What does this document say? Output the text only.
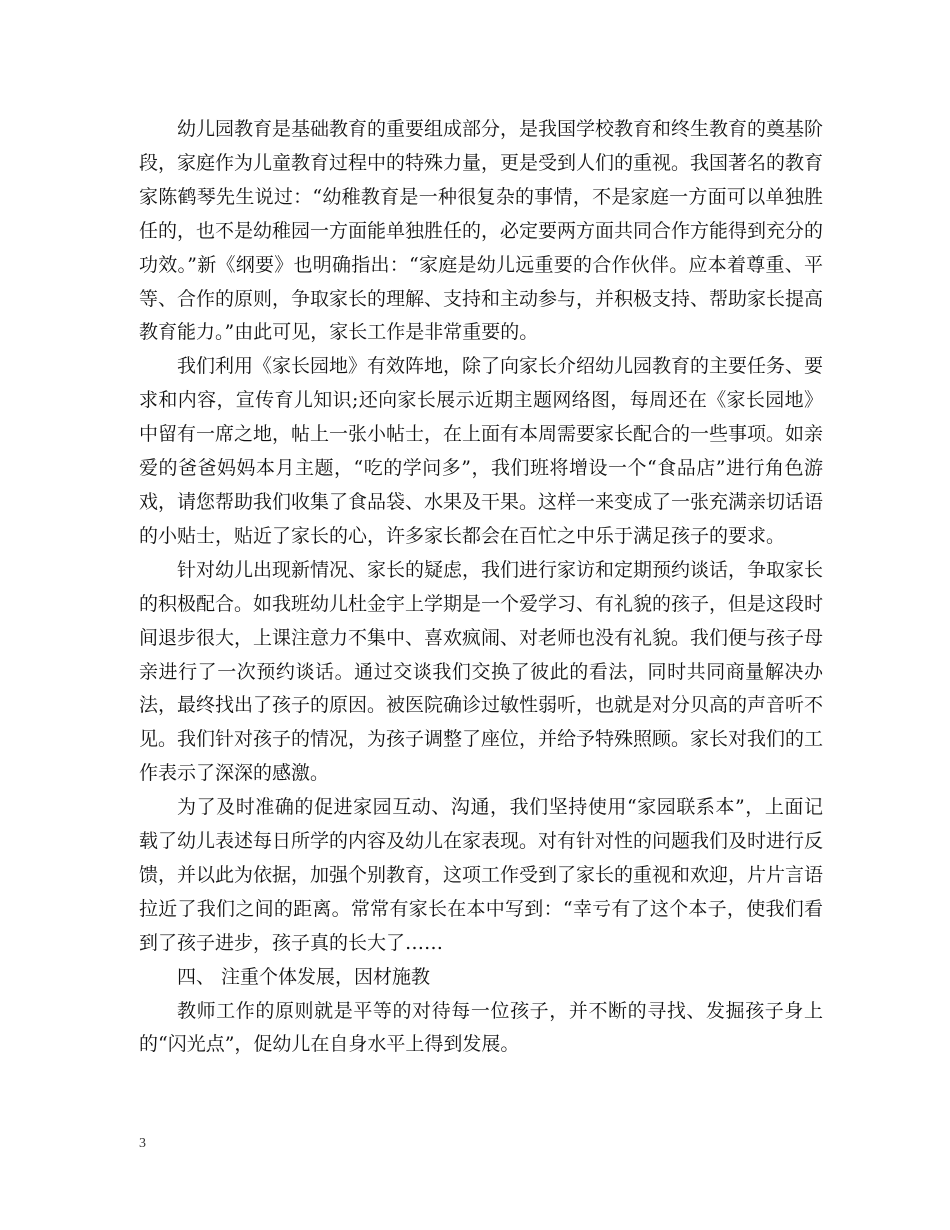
幼儿园教育是基础教育的重要组成部分，是我国学校教育和终生教育的奠基阶段，家庭作为儿童教育过程中的特殊力量，更是受到人们的重视。我国著名的教育家陈鹤琴先生说过：“幼稚教育是一种很复杂的事情，不是家庭一方面可以单独胜任的，也不是幼稚园一方面能单独胜任的，必定要两方面共同合作方能得到充分的功效。”新《纲要》也明确指出：“家庭是幼儿远重要的合作伙伴。应本着尊重、平等、合作的原则，争取家长的理解、支持和主动参与，并积极支持、帮助家长提高教育能力。”由此可见，家长工作是非常重要的。

我们利用《家长园地》有效阵地，除了向家长介绍幼儿园教育的主要任务、要求和内容，宣传育儿知识;还向家长展示近期主题网络图，每周还在《家长园地》中留有一席之地，帖上一张小帖士，在上面有本周需要家长配合的一些事项。如亲爱的爸爸妈妈本月主题，“吃的学问多”，我们班将增设一个“食品店”进行角色游戏，请您帮助我们收集了食品袋、水果及干果。这样一来变成了一张充满亲切话语的小贴士，贴近了家长的心，许多家长都会在百忙之中乐于满足孩子的要求。

针对幼儿出现新情况、家长的疑虑，我们进行家访和定期预约谈话，争取家长的积极配合。如我班幼儿杜金宇上学期是一个爱学习、有礼貌的孩子，但是这段时间退步很大，上课注意力不集中、喜欢疯闹、对老师也没有礼貌。我们便与孩子母亲进行了一次预约谈话。通过交谈我们交换了彼此的看法，同时共同商量解决办法，最终找出了孩子的原因。被医院确诊过敏性弱听，也就是对分贝高的声音听不见。我们针对孩子的情况，为孩子调整了座位，并给予特殊照顾。家长对我们的工作表示了深深的感激。

为了及时准确的促进家园互动、沟通，我们坚持使用“家园联系本”，上面记载了幼儿表述每日所学的内容及幼儿在家表现。对有针对性的问题我们及时进行反馈，并以此为依据，加强个别教育，这项工作受到了家长的重视和欢迎，片片言语拉近了我们之间的距离。常常有家长在本中写到：“幸亏有了这个本子，使我们看到了孩子进步，孩子真的长大了……

四、 注重个体发展，因材施教

教师工作的原则就是平等的对待每一位孩子，并不断的寻找、发掘孩子身上的“闪光点”，促幼儿在自身水平上得到发展。

3
